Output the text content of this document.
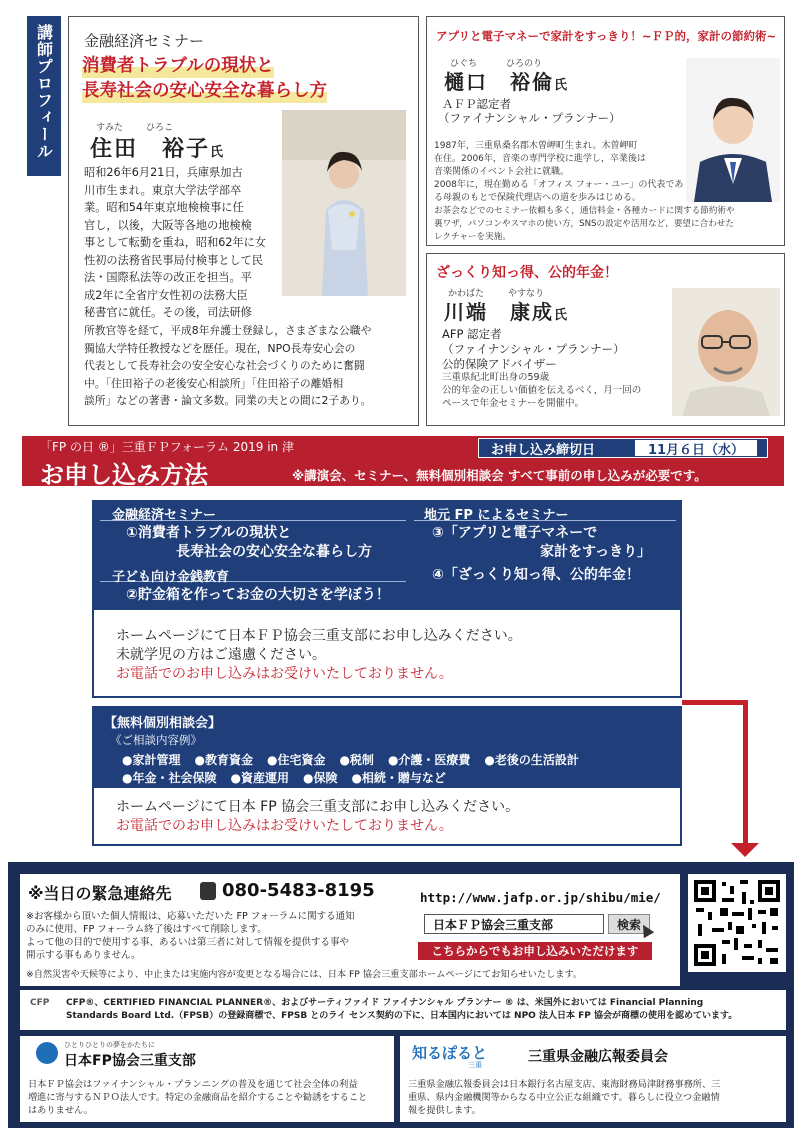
講師プロフィール	金融経済セミナー
消費者トラブルの現状と
長寿社会の安心安全な暮らし方
すみた	ひろこ
住田　裕子氏
昭和26年6月21日，兵庫県加古
川市生まれ。東京大学法学部卒
業。昭和54年東京地検検事に任
官し，以後，大阪等各地の地検検
事として転勤を重ね，昭和62年に女
性初の法務省民事局付検事として民
法・国際私法等の改正を担当。平
成2年に全省庁女性初の法務大臣
秘書官に就任。その後，司法研修
所教官等を経て，平成8年弁護士登録し，さまざまな公職や
獨協大学特任教授などを歴任。現在，NPO長寿安心会の
代表として長寿社会の安全安心な社会づくりのために奮闘
中。「住田裕子の老後安心相談所」「住田裕子の離婚相
談所」などの著書・論文多数。同業の夫との間に2子あり。
アプリと電子マネーで家計をすっきり！~ＦＰ的，家計の節約術~
ひぐち	ひろのり
樋口　裕倫氏
ＡＦＰ認定者
（ファイナンシャル・プランナー）
1987年，三重県桑名郡木曽岬町生まれ。木曽岬町
在住。2006年，音楽の専門学校に進学し，卒業後は
音楽関係のイベント会社に就職。
2008年に，現在勤める「オフィス フォー・ユー」の代表であ
る母親のもとで保険代理店への道を歩みはじめる。
お茶会などでのセミナー依頼も多く，通信料金・各種カードに関する節約術や
裏ワザ，パソコンやスマホの使い方，SNSの設定や活用など，要望に合わせた
レクチャーを実施。
ざっくり知っ得、公的年金！
かわばた	やすなり
川端　康成氏
AFP 認定者
（ファイナンシャル・プランナー）
公的保険アドバイザー
三重県紀北町出身の59歳
公的年金の正しい価値を伝えるべく，月一回の
ペースで年金セミナーを開催中。
「FP の日 ®」三重ＦＰフォーラム 2019 in 津
お申し込み方法	※講演会、セミナー、無料個別相談会 すべて事前の申し込みが必要です。
お申し込み締切日	11月６日（水）
金融経済セミナー
①消費者トラブルの現状と
長寿社会の安心安全な暮らし方
子ども向け金銭教育
②貯金箱を作ってお金の大切さを学ぼう！
地元 FP によるセミナー
③「アプリと電子マネーで
家計をすっきり」
④「ざっくり知っ得、公的年金！
ホームページにて日本ＦＰ協会三重支部にお申し込みください。
未就学児の方はご遠慮ください。
お電話でのお申し込みはお受けいたしておりません。
【無料個別相談会】
《ご相談内容例》
●家計管理 ●教育資金 ●住宅資金 ●税制 ●介護・医療費 ●老後の生活設計
●年金・社会保険 ●資産運用 ●保険 ●相続・贈与など
ホームページにて日本 FP 協会三重支部にお申し込みください。
お電話でのお申し込みはお受けいたしておりません。
※当日の緊急連絡先	080-5483-8195
※お客様から頂いた個人情報は、応募いただいた FP フォーラムに関する通知
のみに使用、FP フォーラム終了後はすべて削除します。
よって他の目的で使用する事、あるいは第三者に対して情報を提供する事や
開示する事もありません。
※自然災害や天候等により、中止または実施内容が変更となる場合には、日本 FP 協会三重支部ホームページにてお知らせいたします。
http://www.jafp.or.jp/shibu/mie/
日本ＦＰ協会三重支部	検索
こちらからでもお申し込みいただけます
CFP CFP®、CERTIFIED FINANCIAL PLANNER®、およびサーティファイド ファイナンシャル プランナー ® は、米国外においては Financial Planning
Standards Board Ltd.（FPSB）の登録商標で、FPSB とのライ センス契約の下に、日本国内においては NPO 法人日本 FP 協会が商標の使用を認めています。
ひとりひとりの夢をかたちに
日本FP協会三重支部
日本ＦＰ協会はファイナンシャル・プランニングの普及を通じて社会全体の利益
増進に寄与するＮＰＯ法人です。特定の金融商品を紹介することや勧誘をすること
はありません。
知るぽると
三重	三重県金融広報委員会
三重県金融広報委員会は日本銀行名古屋支店、東海財務局津財務事務所、三
重県、県内金融機関等からなる中立公正な組織です。暮らしに役立つ金融情
報を提供します。
